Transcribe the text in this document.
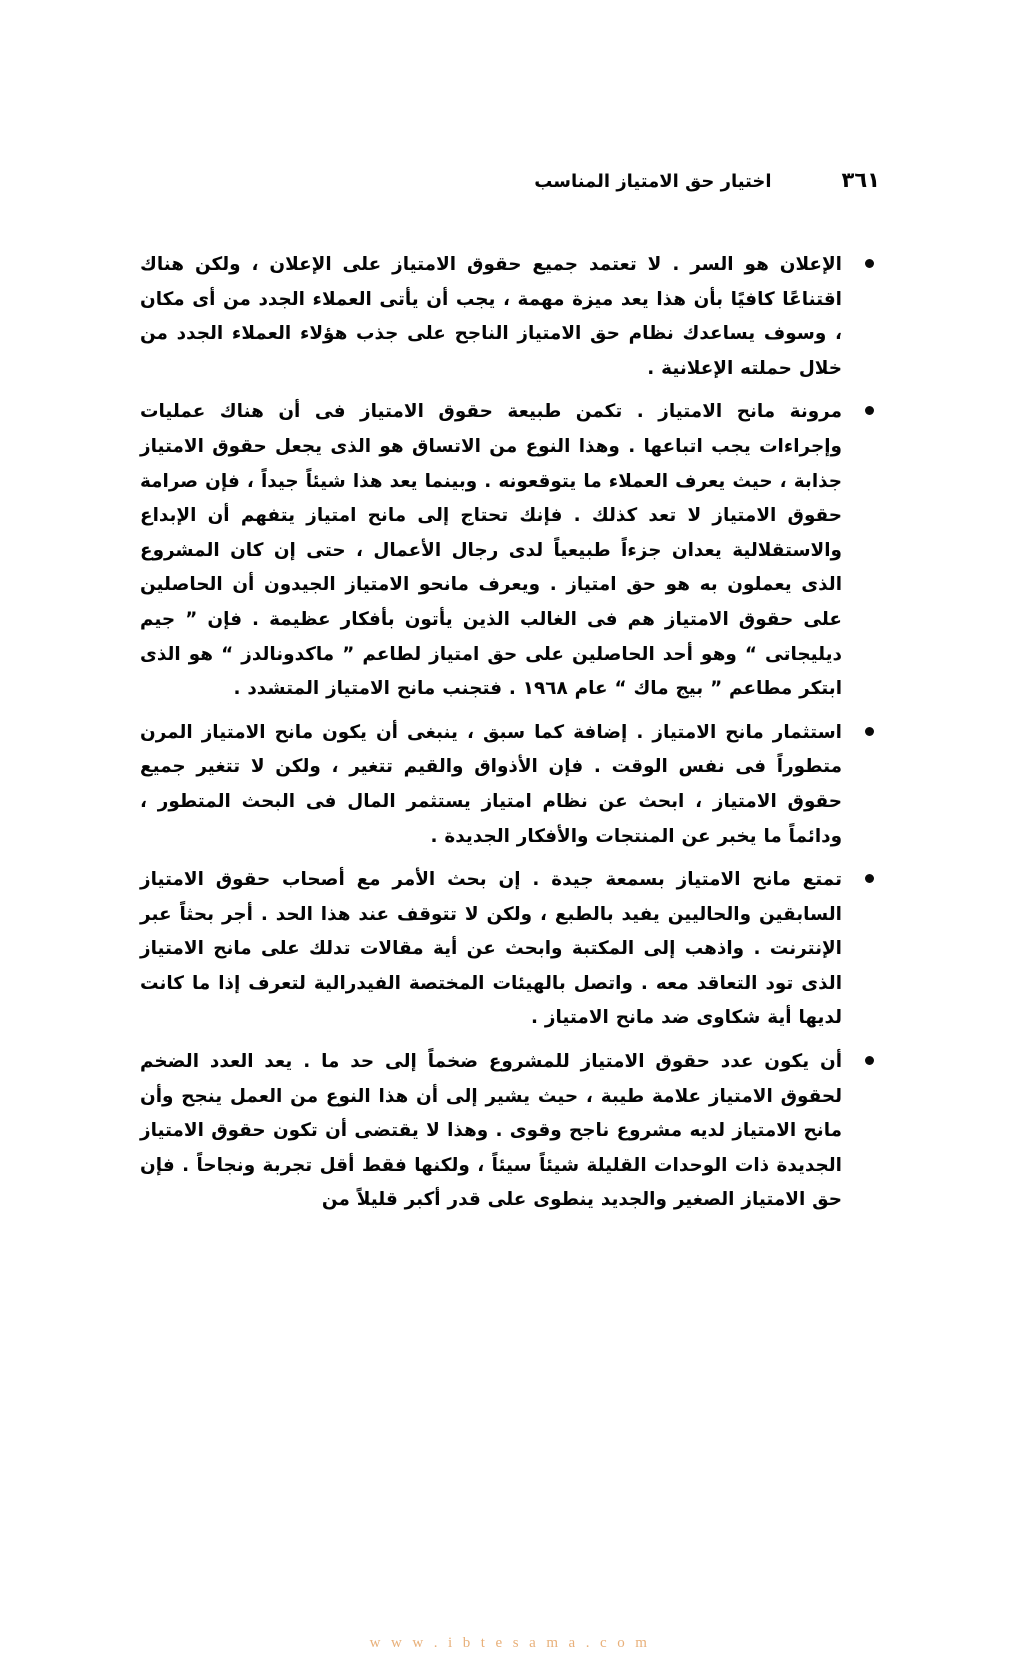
٣٦١
اختيار حق الامتياز المناسب

الإعلان هو السر . لا تعتمد جميع حقوق الامتياز على الإعلان ، ولكن هناك اقتناعًا كافيًا بأن هذا يعد ميزة مهمة ، يجب أن يأتى العملاء الجدد من أى مكان ، وسوف يساعدك نظام حق الامتياز الناجح على جذب هؤلاء العملاء الجدد من خلال حملته الإعلانية .

مرونة مانح الامتياز . تكمن طبيعة حقوق الامتياز فى أن هناك عمليات وإجراءات يجب اتباعها . وهذا النوع من الاتساق هو الذى يجعل حقوق الامتياز جذابة ، حيث يعرف العملاء ما يتوقعونه . وبينما يعد هذا شيئاً جيداً ، فإن صرامة حقوق الامتياز لا تعد كذلك . فإنك تحتاج إلى مانح امتياز يتفهم أن الإبداع والاستقلالية يعدان جزءاً طبيعياً لدى رجال الأعمال ، حتى إن كان المشروع الذى يعملون به هو حق امتياز . ويعرف مانحو الامتياز الجيدون أن الحاصلين على حقوق الامتياز هم فى الغالب الذين يأتون بأفكار عظيمة . فإن ” جيم ديليجاتى “ وهو أحد الحاصلين على حق امتياز لطاعم ” ماكدونالدز “ هو الذى ابتكر مطاعم ” بيج ماك “ عام ١٩٦٨ . فتجنب مانح الامتياز المتشدد .

استثمار مانح الامتياز . إضافة كما سبق ، ينبغى أن يكون مانح الامتياز المرن متطوراً فى نفس الوقت . فإن الأذواق والقيم تتغير ، ولكن لا تتغير جميع حقوق الامتياز ، ابحث عن نظام امتياز يستثمر المال فى البحث المتطور ، ودائماً ما يخبر عن المنتجات والأفكار الجديدة .

تمتع مانح الامتياز بسمعة جيدة . إن بحث الأمر مع أصحاب حقوق الامتياز السابقين والحاليين يفيد بالطبع ، ولكن لا تتوقف عند هذا الحد . أجر بحثاً عبر الإنترنت . واذهب إلى المكتبة وابحث عن أية مقالات تدلك على مانح الامتياز الذى تود التعاقد معه . واتصل بالهيئات المختصة الفيدرالية لتعرف إذا ما كانت لديها أية شكاوى ضد مانح الامتياز .

أن يكون عدد حقوق الامتياز للمشروع ضخماً إلى حد ما . يعد العدد الضخم لحقوق الامتياز علامة طيبة ، حيث يشير إلى أن هذا النوع من العمل ينجح وأن مانح الامتياز لديه مشروع ناجح وقوى . وهذا لا يقتضى أن تكون حقوق الامتياز الجديدة ذات الوحدات القليلة شيئاً سيئاً ، ولكنها فقط أقل تجربة ونجاحاً . فإن حق الامتياز الصغير والجديد ينطوى على قدر أكبر قليلاً من

w w w . i b t e s a m a . c o m
